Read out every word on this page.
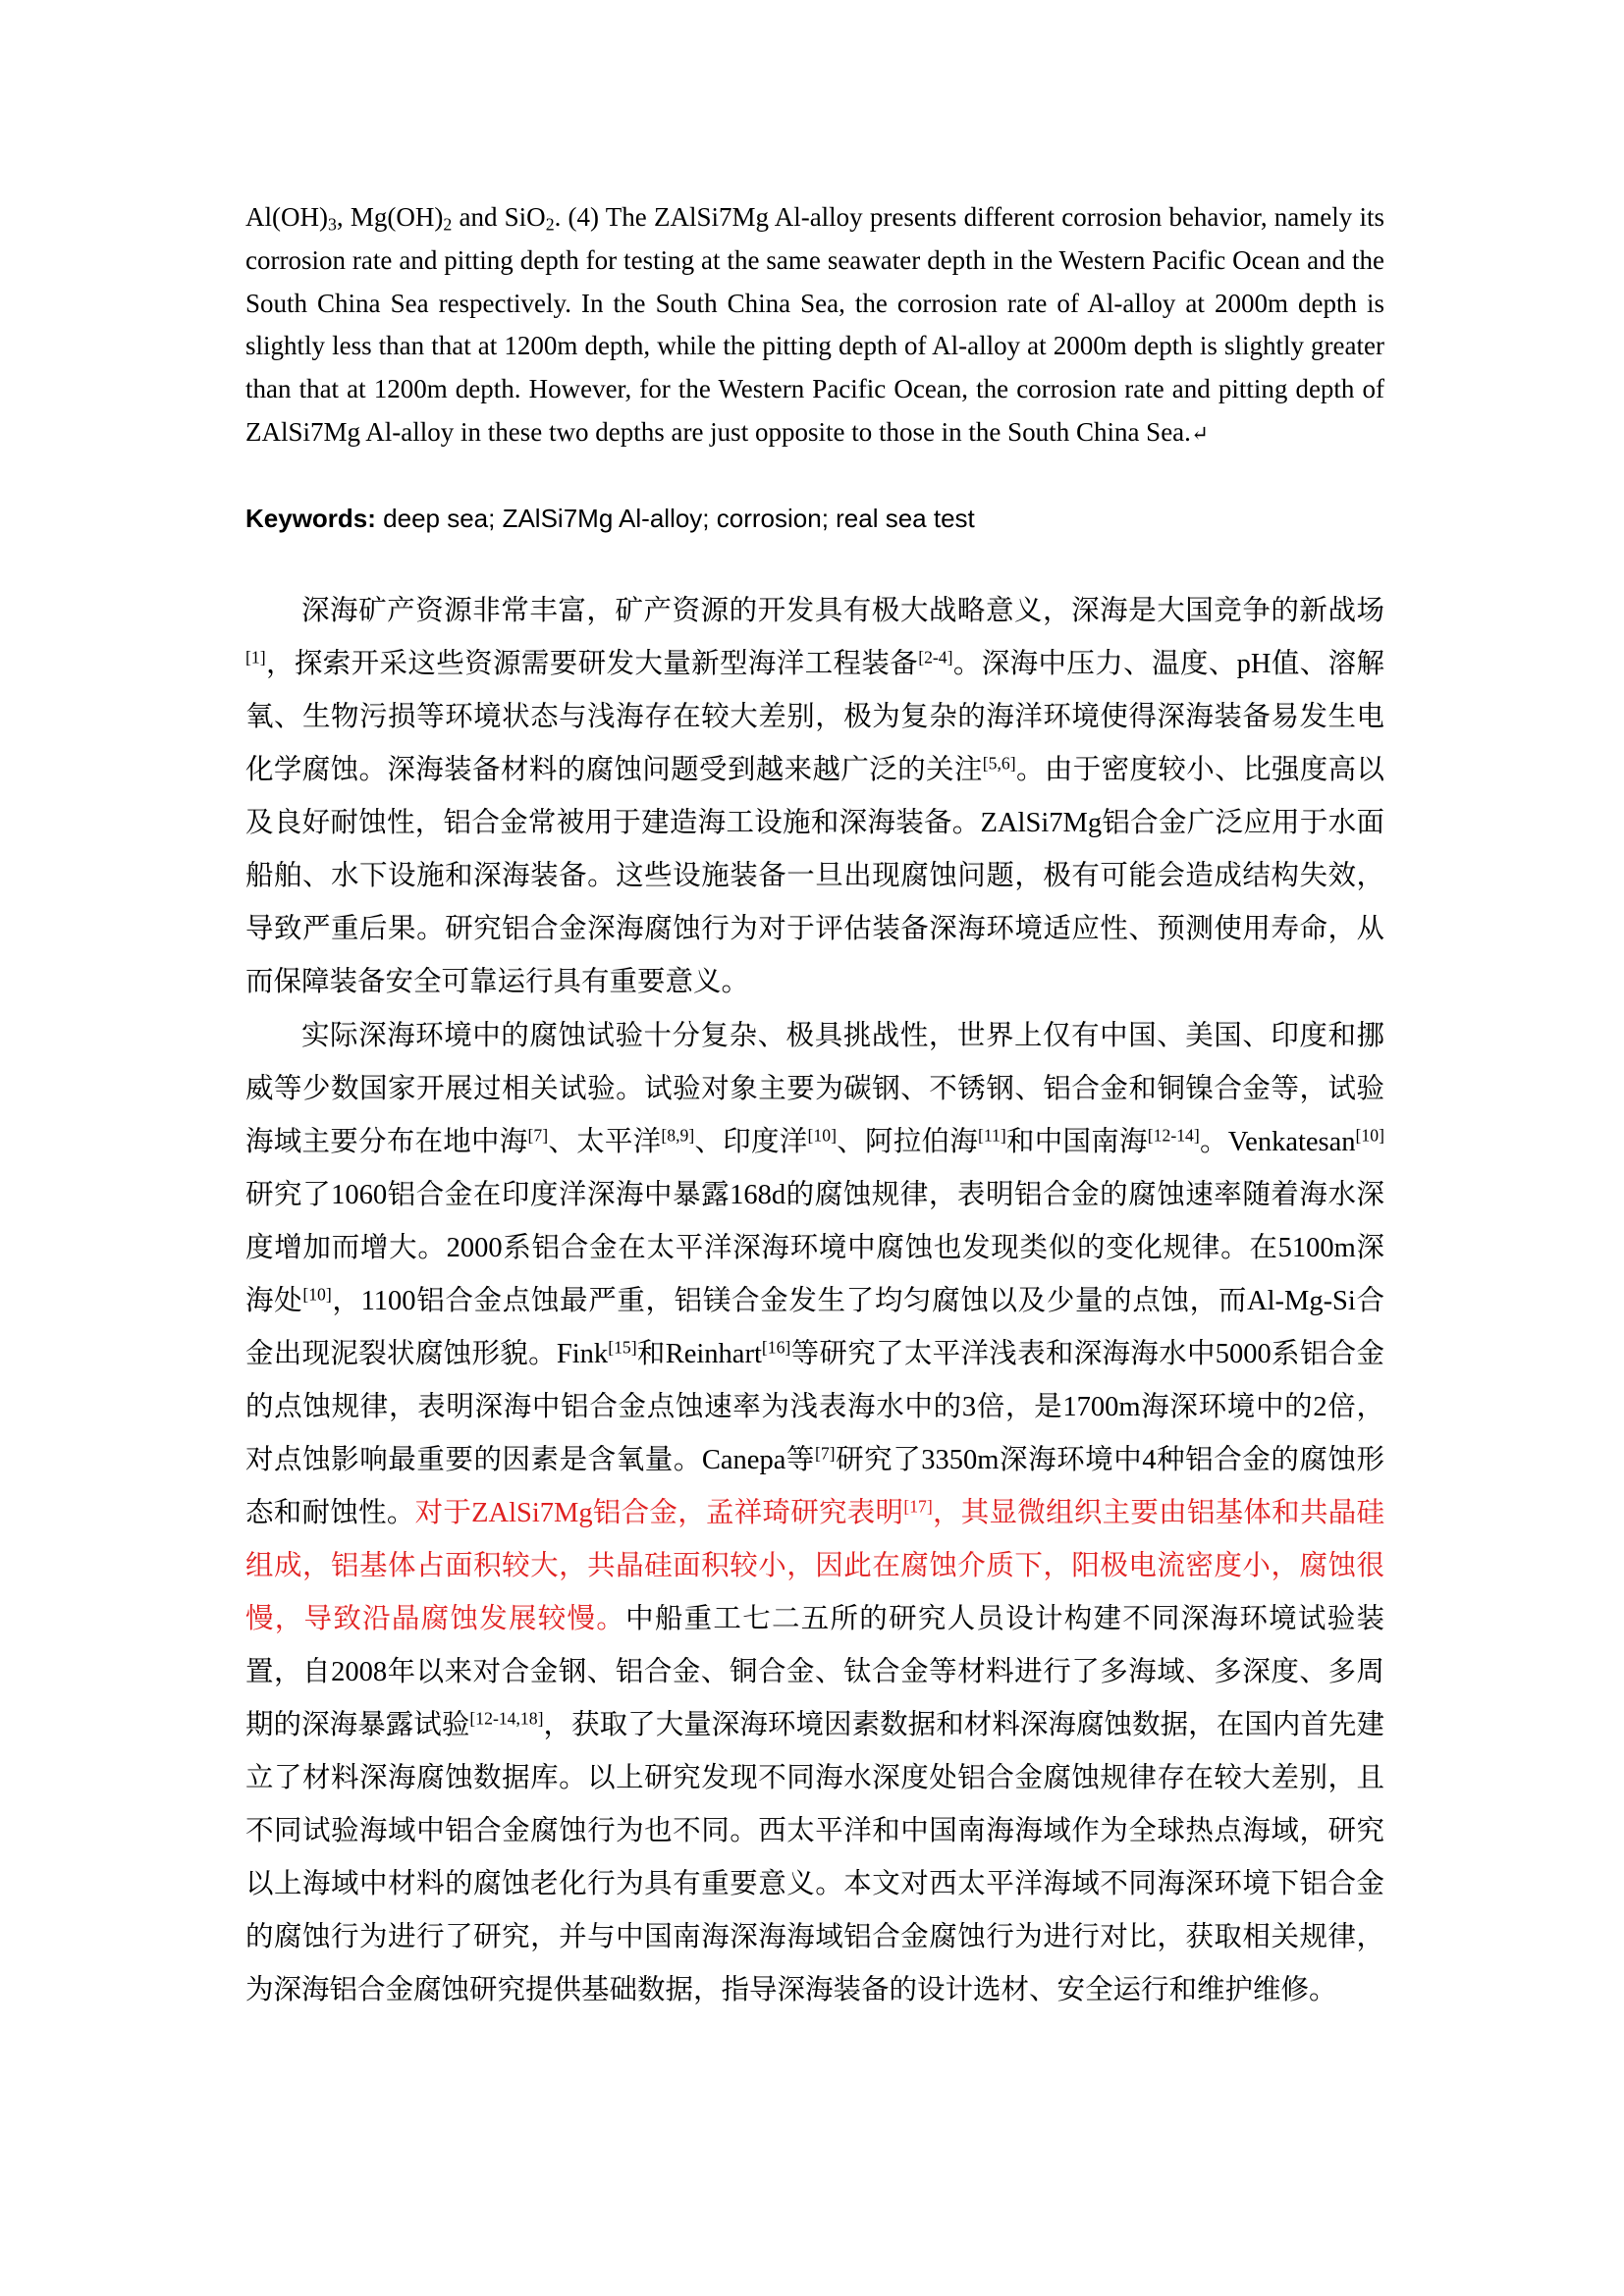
$Al(OH)_3$, $Mg(OH)_2$ and SiO$_2$. (4) The ZAlSi7Mg Al-alloy presents different corrosion behavior, namely its corrosion rate and pitting depth for testing at the same seawater depth in the Western Pacific Ocean and the South China Sea respectively. In the South China Sea, the corrosion rate of Al-alloy at 2000m depth is slightly less than that at 1200m depth, while the pitting depth of Al-alloy at 2000m depth is slightly greater than that at 1200m depth. However, for the Western Pacific Ocean, the corrosion rate and pitting depth of ZAlSi7Mg Al-alloy in these two depths are just opposite to those in the South China Sea.↵
Keywords: deep sea; ZAlSi7Mg Al-alloy; corrosion; real sea test

深海矿产资源非常丰富，矿产资源的开发具有极大战略意义，深海是大国竞争的新战场[1]，探索开采这些资源需要研发大量新型海洋工程装备[2-4]。深海中压力、温度、pH值、溶解氧、生物污损等环境状态与浅海存在较大差别，极为复杂的海洋环境使得深海装备易发生电化学腐蚀。深海装备材料的腐蚀问题受到越来越广泛的关注[5,6]。由于密度较小、比强度高以及良好耐蚀性，铝合金常被用于建造海工设施和深海装备。ZAlSi7Mg铝合金广泛应用于水面船舶、水下设施和深海装备。这些设施装备一旦出现腐蚀问题，极有可能会造成结构失效，导致严重后果。研究铝合金深海腐蚀行为对于评估装备深海环境适应性、预测使用寿命，从而保障装备安全可靠运行具有重要意义。

实际深海环境中的腐蚀试验十分复杂、极具挑战性，世界上仅有中国、美国、印度和挪威等少数国家开展过相关试验。试验对象主要为碳钢、不锈钢、铝合金和铜镍合金等，试验海域主要分布在地中海[7]、太平洋[8,9]、印度洋[10]、阿拉伯海[11]和中国南海[12-14]。Venkatesan[10]研究了1060铝合金在印度洋深海中暴露168d的腐蚀规律，表明铝合金的腐蚀速率随着海水深度增加而增大。2000系铝合金在太平洋深海环境中腐蚀也发现类似的变化规律。在5100m深海处[10]，1100铝合金点蚀最严重，铝镁合金发生了均匀腐蚀以及少量的点蚀，而Al-Mg-Si合金出现泥裂状腐蚀形貌。Fink[15]和Reinhart[16]等研究了太平洋浅表和深海海水中5000系铝合金的点蚀规律，表明深海中铝合金点蚀速率为浅表海水中的3倍，是1700m海深环境中的2倍，对点蚀影响最重要的因素是含氧量。Canepa等[7]研究了3350m深海环境中4种铝合金的腐蚀形态和耐蚀性。对于ZAlSi7Mg铝合金，孟祥琦研究表明[17]，其显微组织主要由铝基体和共晶硅组成，铝基体占面积较大，共晶硅面积较小，因此在腐蚀介质下，阳极电流密度小，腐蚀很慢，导致沿晶腐蚀发展较慢。中船重工七二五所的研究人员设计构建不同深海环境试验装置，自2008年以来对合金钢、铝合金、铜合金、钛合金等材料进行了多海域、多深度、多周期的深海暴露试验[12-14,18]，获取了大量深海环境因素数据和材料深海腐蚀数据，在国内首先建立了材料深海腐蚀数据库。以上研究发现不同海水深度处铝合金腐蚀规律存在较大差别，且不同试验海域中铝合金腐蚀行为也不同。西太平洋和中国南海海域作为全球热点海域，研究以上海域中材料的腐蚀老化行为具有重要意义。本文对西太平洋海域不同海深环境下铝合金的腐蚀行为进行了研究，并与中国南海深海海域铝合金腐蚀行为进行对比，获取相关规律，为深海铝合金腐蚀研究提供基础数据，指导深海装备的设计选材、安全运行和维护维修。
